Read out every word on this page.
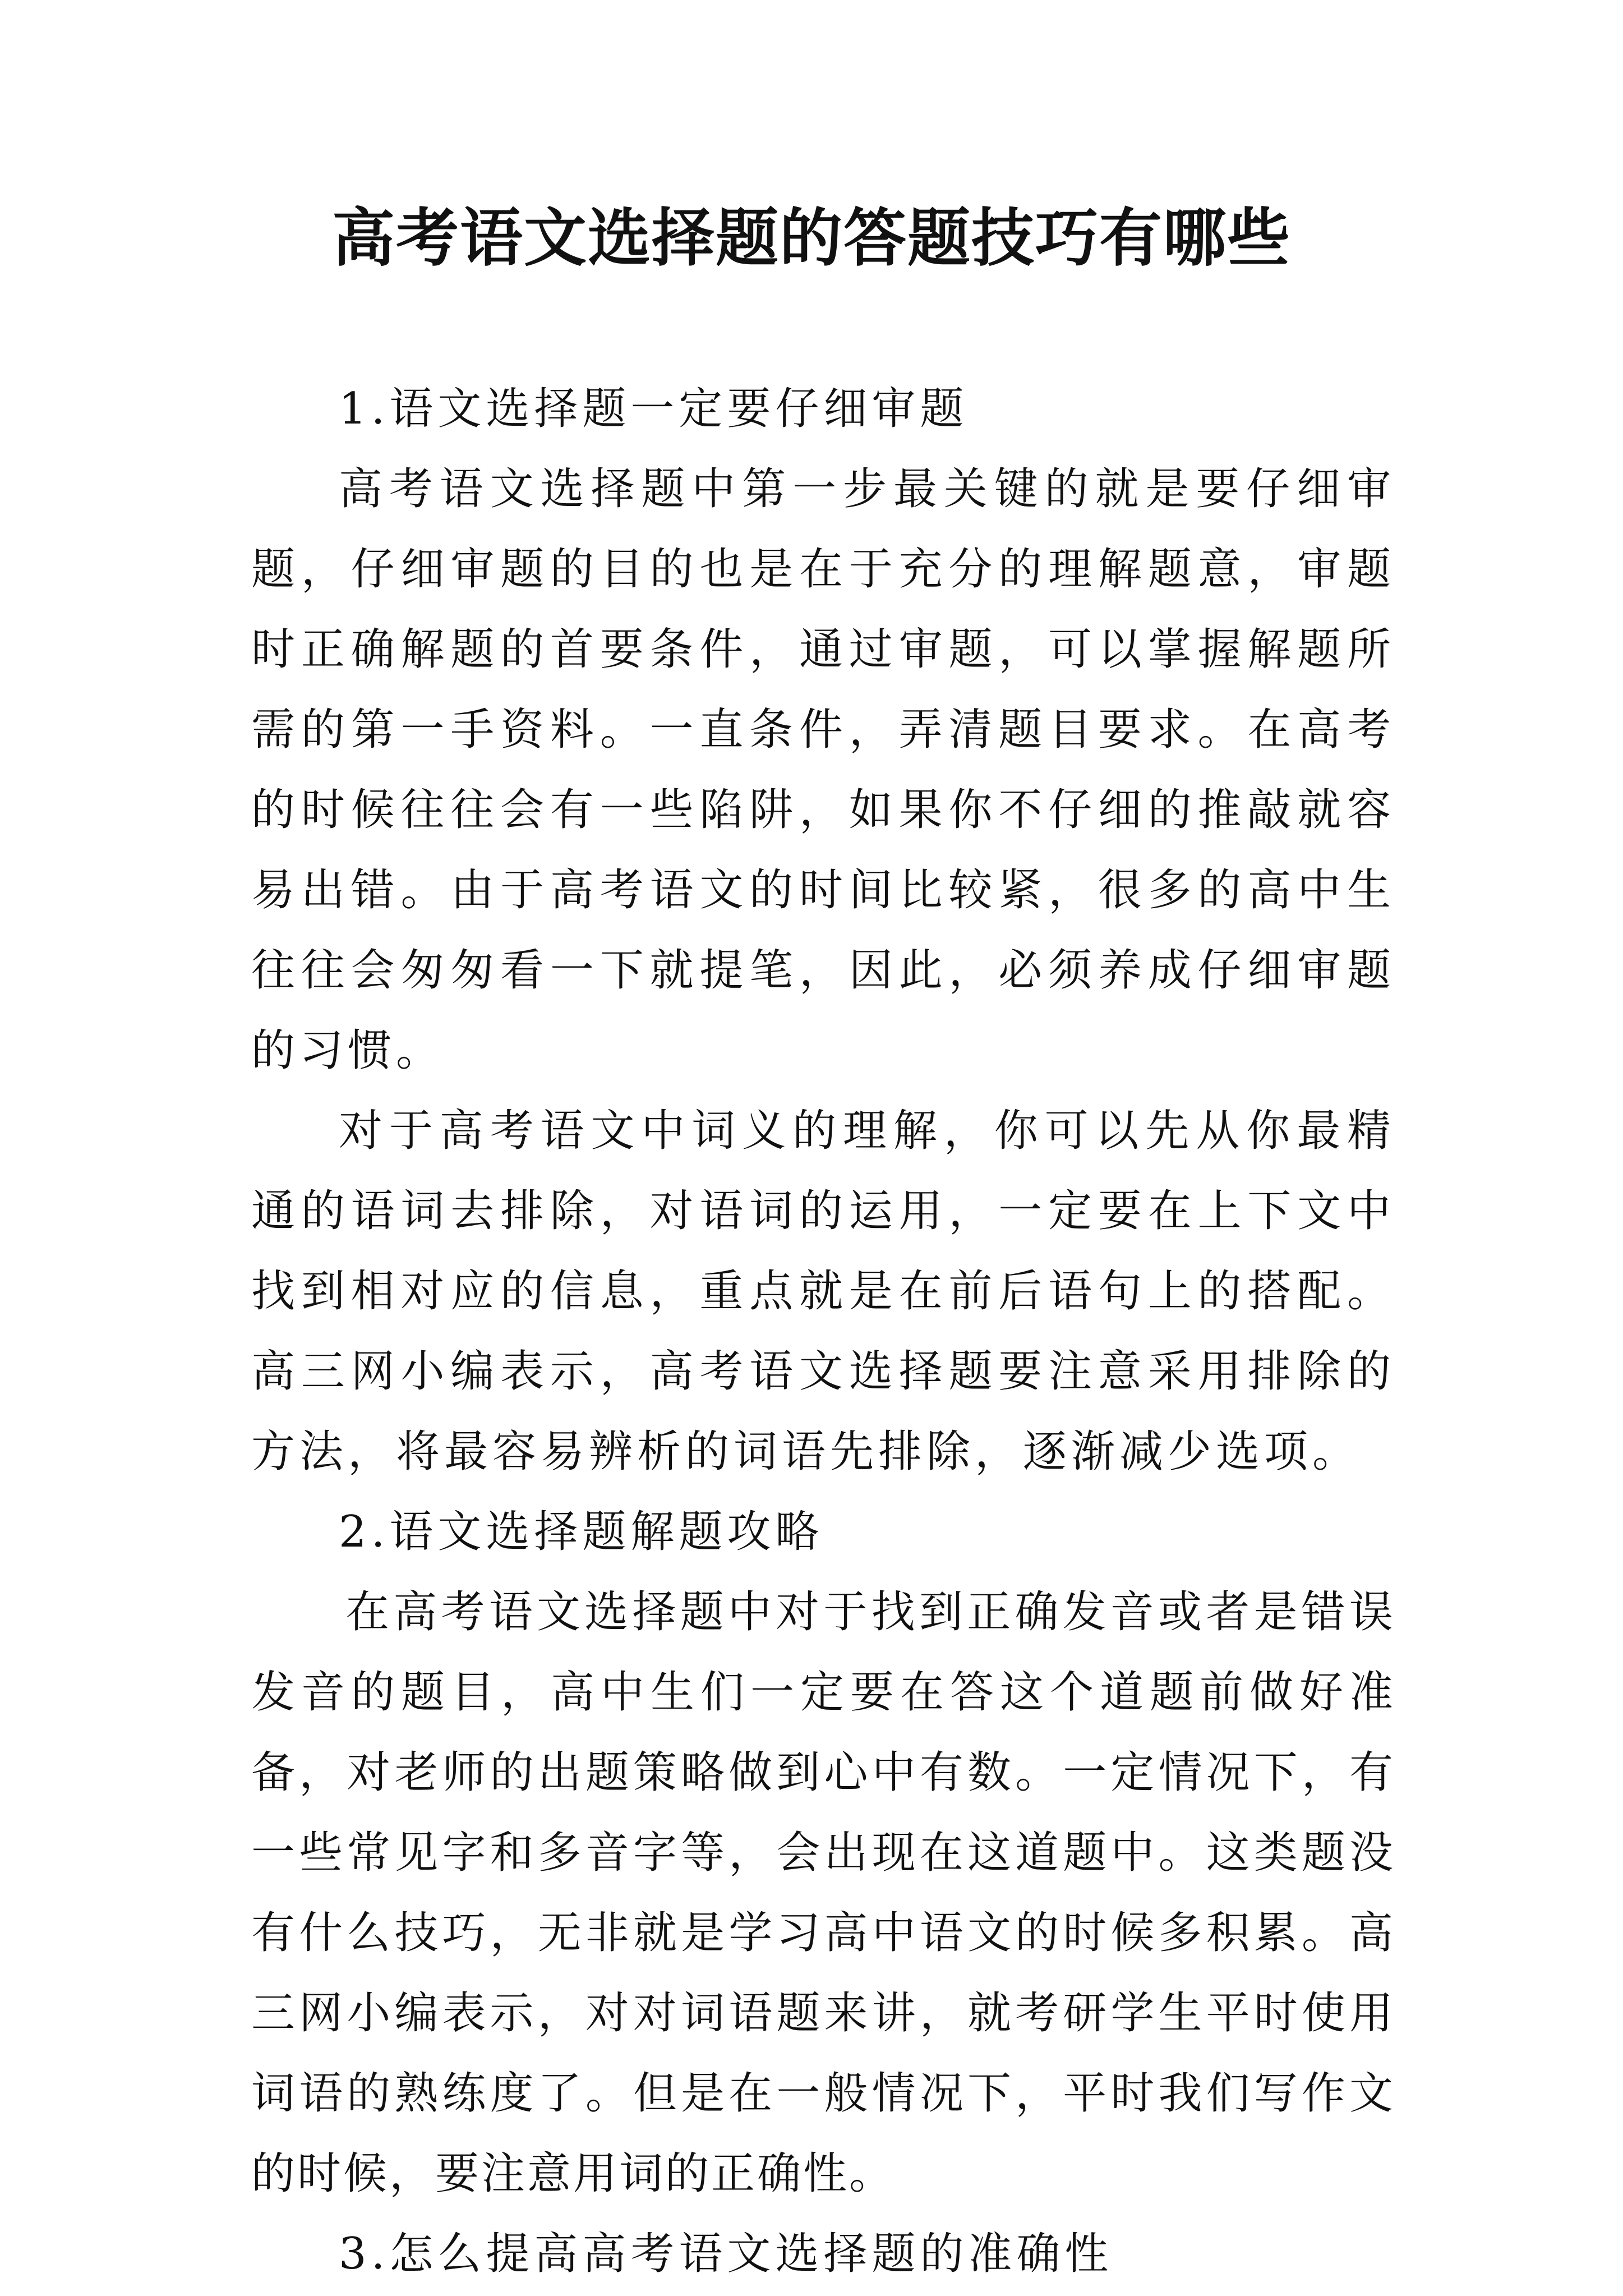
高考语文选择题的答题技巧有哪些

1.语文选择题一定要仔细审题

高考语文选择题中第一步最关键的就是要仔细审题，仔细审题的目的也是在于充分的理解题意，审题时正确解题的首要条件，通过审题，可以掌握解题所需的第一手资料。一直条件，弄清题目要求。在高考的时候往往会有一些陷阱，如果你不仔细的推敲就容易出错。由于高考语文的时间比较紧，很多的高中生往往会匆匆看一下就提笔，因此，必须养成仔细审题的习惯。

对于高考语文中词义的理解，你可以先从你最精通的语词去排除，对语词的运用，一定要在上下文中找到相对应的信息，重点就是在前后语句上的搭配。高三网小编表示，高考语文选择题要注意采用排除的方法，将最容易辨析的词语先排除，逐渐减少选项。

2.语文选择题解题攻略

在高考语文选择题中对于找到正确发音或者是错误发音的题目，高中生们一定要在答这个道题前做好准备，对老师的出题策略做到心中有数。一定情况下，有一些常见字和多音字等，会出现在这道题中。这类题没有什么技巧，无非就是学习高中语文的时候多积累。高三网小编表示，对对词语题来讲，就考研学生平时使用词语的熟练度了。但是在一般情况下，平时我们写作文的时候，要注意用词的正确性。

3.怎么提高高考语文选择题的准确性
